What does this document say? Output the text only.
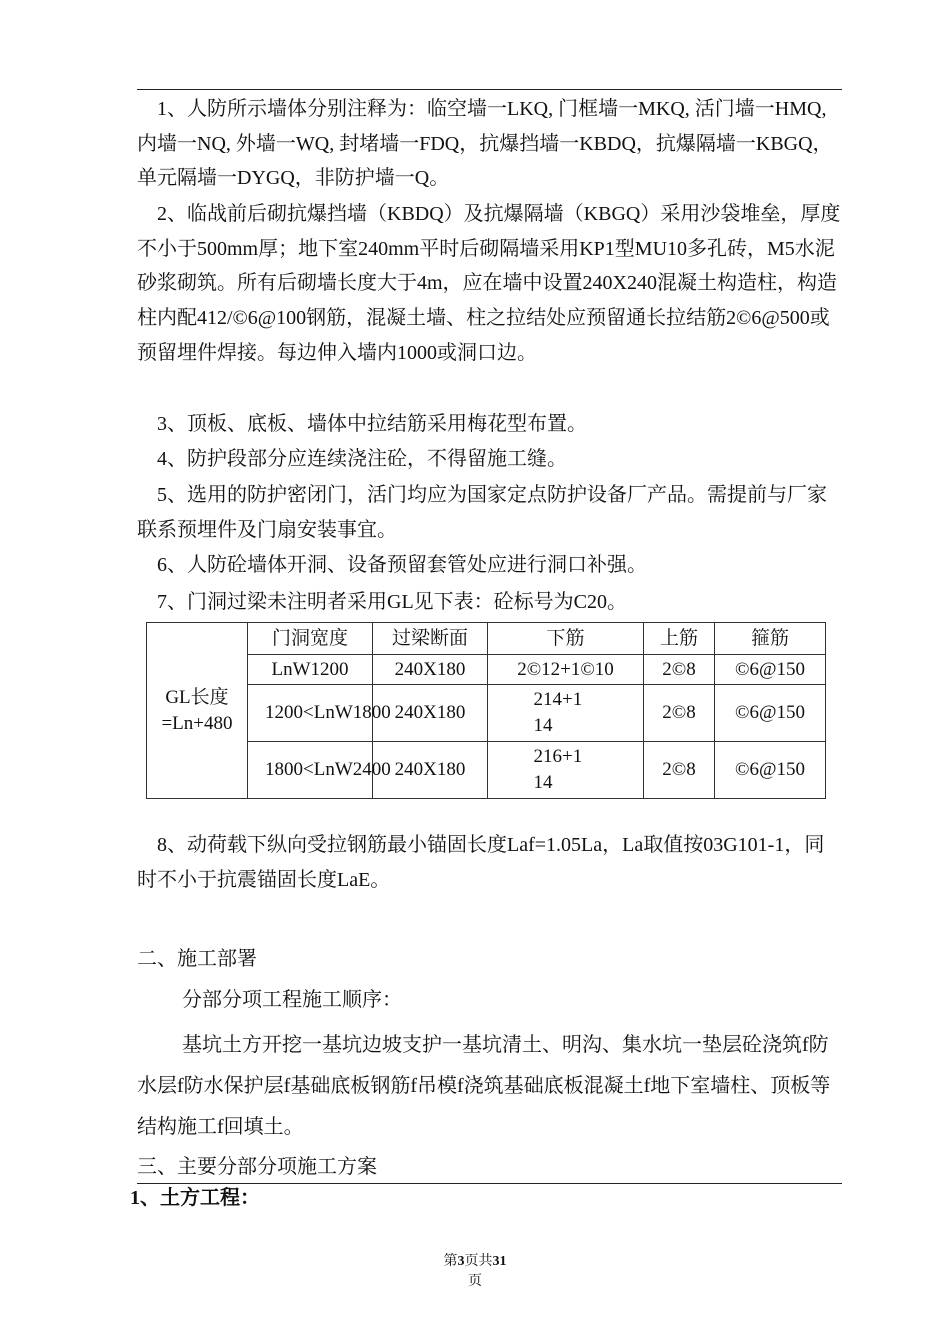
1、人防所示墙体分别注释为：临空墙一LKQ, 门框墙一MKQ, 活门墙一HMQ, 内墙一NQ, 外墙一WQ, 封堵墙一FDQ，抗爆挡墙一KBDQ，抗爆隔墙一KBGQ，单元隔墙一DYGQ，非防护墙一Q。

2、临战前后砌抗爆挡墙（KBDQ）及抗爆隔墙（KBGQ）采用沙袋堆垒，厚度不小于500mm厚；地下室240mm平时后砌隔墙采用KP1型MU10多孔砖，M5水泥砂浆砌筑。所有后砌墙长度大于4m，应在墙中设置240X240混凝土构造柱，构造柱内配412/©6@100钢筋，混凝土墙、柱之拉结处应预留通长拉结筋2©6@500或预留埋件焊接。每边伸入墙内1000或洞口边。

3、顶板、底板、墙体中拉结筋采用梅花型布置。

4、防护段部分应连续浇注砼，不得留施工缝。

5、选用的防护密闭门，活门均应为国家定点防护设备厂产品。需提前与厂家联系预埋件及门扇安装事宜。

6、人防砼墙体开洞、设备预留套管处应进行洞口补强。

7、门洞过梁未注明者采用GL见下表：砼标号为C20。

GL长度=Ln+480	门洞宽度	过梁断面	下筋	上筋	箍筋
	LnW1200	240X180	2©12+1©10	2©8	©6@150
	1200<LnW1800	240X180	214+1 14	2©8	©6@150
	1800<LnW2400	240X180	216+1 14	2©8	©6@150

8、动荷载下纵向受拉钢筋最小锚固长度Laf=1.05La，La取值按03G101-1，同时不小于抗震锚固长度LaE。

二、施工部署
分部分项工程施工顺序：

基坑土方开挖一基坑边坡支护一基坑清土、明沟、集水坑一垫层砼浇筑f防水层f防水保护层f基础底板钢筋f吊模f浇筑基础底板混凝土f地下室墙柱、顶板等结构施工f回填土。

三、主要分部分项施工方案
1、土方工程：
第3页共31
页
